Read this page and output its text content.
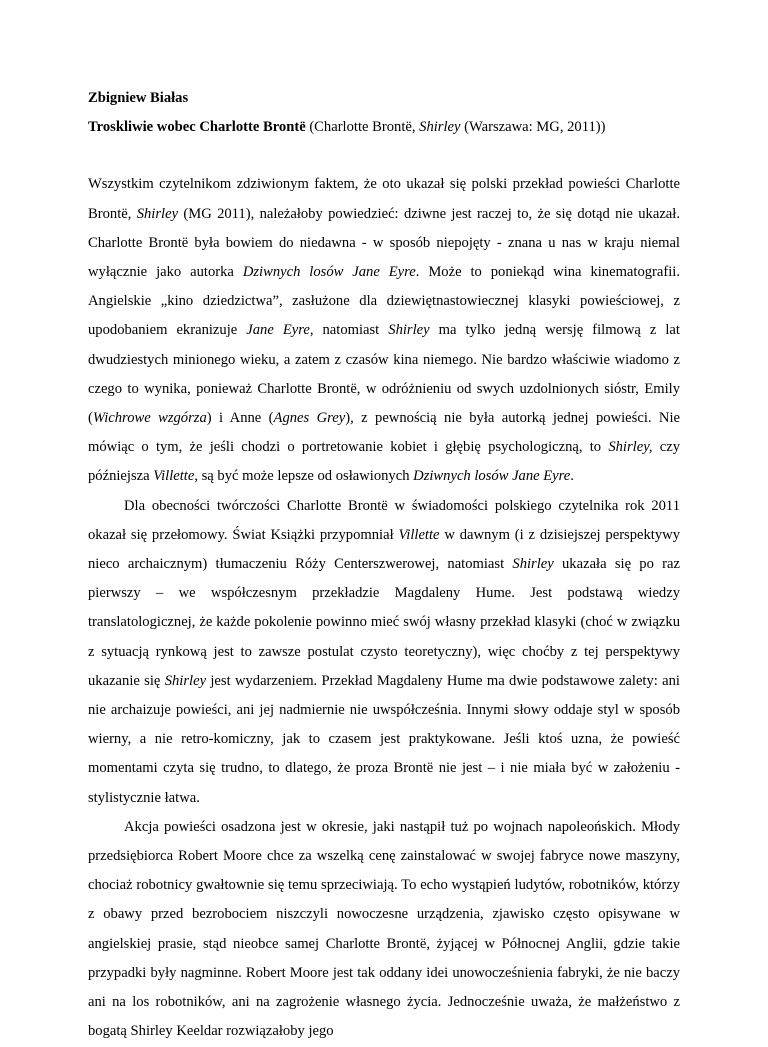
Zbigniew Białas

Troskliwie wobec Charlotte Brontë (Charlotte Brontë, Shirley (Warszawa: MG, 2011))

Wszystkim czytelnikom zdziwionym faktem, że oto ukazał się polski przekład powieści Charlotte Brontë, Shirley (MG 2011), należałoby powiedzieć: dziwne jest raczej to, że się dotąd nie ukazał. Charlotte Brontë była bowiem do niedawna - w sposób niepojęty - znana u nas w kraju niemal wyłącznie jako autorka Dziwnych losów Jane Eyre. Może to poniekąd wina kinematografii. Angielskie „kino dziedzictwa”, zasłużone dla dziewiętnastowiecznej klasyki powieściowej, z upodobaniem ekranizuje Jane Eyre, natomiast Shirley ma tylko jedną wersję filmową z lat dwudziestych minionego wieku, a zatem z czasów kina niemego. Nie bardzo właściwie wiadomo z czego to wynika, ponieważ Charlotte Brontë, w odróżnieniu od swych uzdolnionych sióstr, Emily (Wichrowe wzgórza) i Anne (Agnes Grey), z pewnością nie była autorką jednej powieści. Nie mówiąc o tym, że jeśli chodzi o portretowanie kobiet i głębię psychologiczną, to Shirley, czy późniejsza Villette, są być może lepsze od osławionych Dziwnych losów Jane Eyre.

Dla obecności twórczości Charlotte Brontë w świadomości polskiego czytelnika rok 2011 okazał się przełomowy. Świat Książki przypomniał Villette w dawnym (i z dzisiejszej perspektywy nieco archaicznym) tłumaczeniu Róży Centerszwerowej, natomiast Shirley ukazała się po raz pierwszy – we współczesnym przekładzie Magdaleny Hume. Jest podstawą wiedzy translatologicznej, że każde pokolenie powinno mieć swój własny przekład klasyki (choć w związku z sytuacją rynkową jest to zawsze postulat czysto teoretyczny), więc choćby z tej perspektywy ukazanie się Shirley jest wydarzeniem. Przekład Magdaleny Hume ma dwie podstawowe zalety: ani nie archaizuje powieści, ani jej nadmiernie nie uwspółcześnia. Innymi słowy oddaje styl w sposób wierny, a nie retro-komiczny, jak to czasem jest praktykowane. Jeśli ktoś uzna, że powieść momentami czyta się trudno, to dlatego, że proza Brontë nie jest – i nie miała być w założeniu - stylistycznie łatwa.

Akcja powieści osadzona jest w okresie, jaki nastąpił tuż po wojnach napoleońskich. Młody przedsiębiorca Robert Moore chce za wszelką cenę zainstalować w swojej fabryce nowe maszyny, chociaż robotnicy gwałtownie się temu sprzeciwiają. To echo wystąpień ludytów, robotników, którzy z obawy przed bezrobociem niszczyli nowoczesne urządzenia, zjawisko często opisywane w angielskiej prasie, stąd nieobce samej Charlotte Brontë, żyjącej w Północnej Anglii, gdzie takie przypadki były nagminne. Robert Moore jest tak oddany idei unowocześnienia fabryki, że nie baczy ani na los robotników, ani na zagrożenie własnego życia. Jednocześnie uważa, że małżeństwo z bogatą Shirley Keeldar rozwiązałoby jego
